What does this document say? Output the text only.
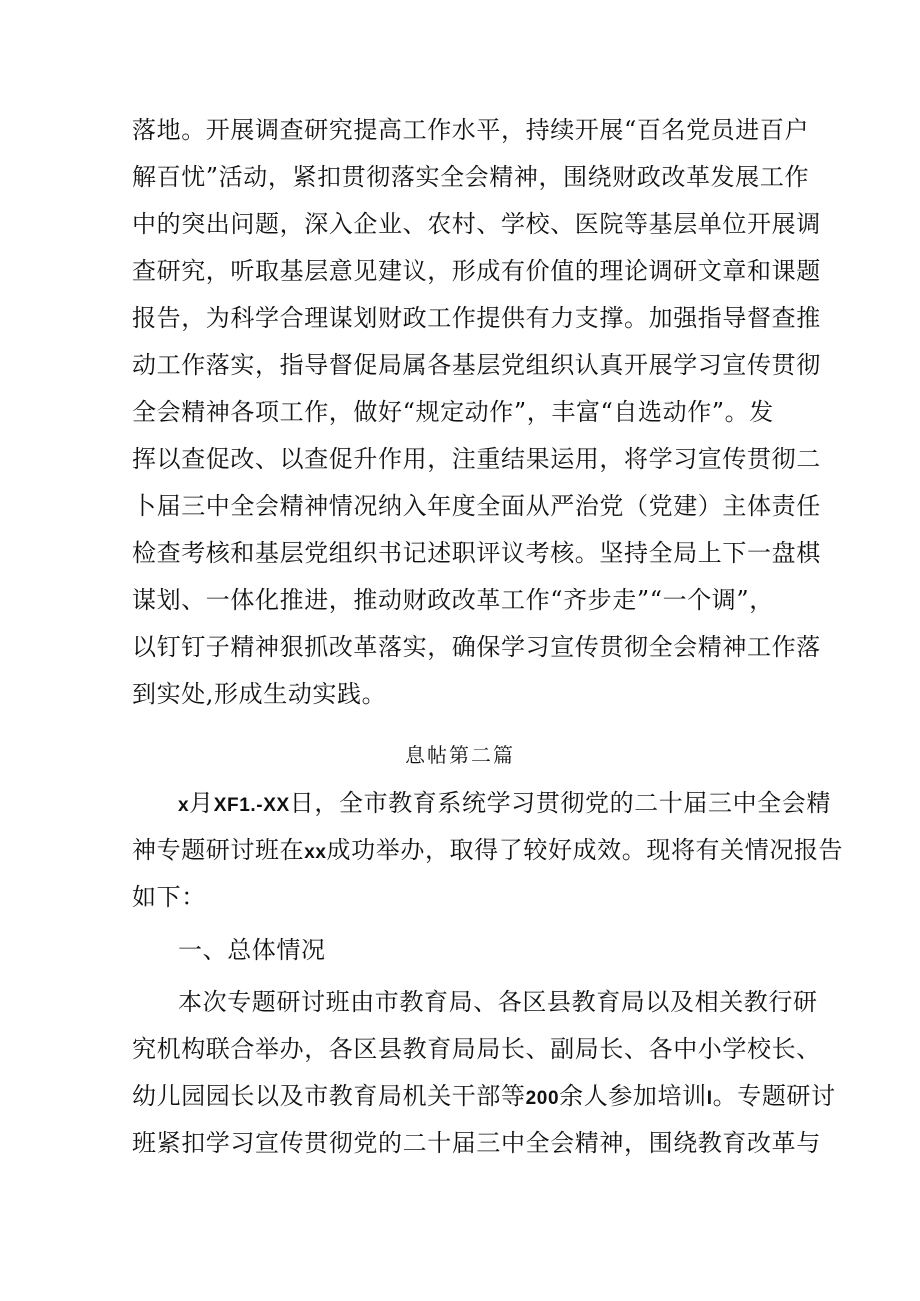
落地。开展调查研究提高工作水平，持续开展“百名党员进百户
解百忧”活动，紧扣贯彻落实全会精神，围绕财政改革发展工作
中的突出问题，深入企业、农村、学校、医院等基层单位开展调
查研究，听取基层意见建议，形成有价值的理论调研文章和课题
报告，为科学合理谋划财政工作提供有力支撑。加强指导督查推
动工作落实，指导督促局属各基层党组织认真开展学习宣传贯彻
全会精神各项工作，做好“规定动作”，丰富“自选动作”。发
挥以查促改、以查促升作用，注重结果运用，将学习宣传贯彻二
卜届三中全会精神情况纳入年度全面从严治党（党建）主体责任
检查考核和基层党组织书记述职评议考核。坚持全局上下一盘棋
谋划、一体化推进，推动财政改革工作“齐步走”“一个调”，
以钉钉子精神狠抓改革落实，确保学习宣传贯彻全会精神工作落
到实处,形成生动实践。
息帖第二篇
x月XF1.-XX日，全市教育系统学习贯彻党的二十届三中全会精
神专题研讨班在xx成功举办，取得了较好成效。现将有关情况报告
如下：
一、总体情况
本次专题研讨班由市教育局、各区县教育局以及相关教行研
究机构联合举办，各区县教育局局长、副局长、各中小学校长、
幼儿园园长以及市教育局机关干部等200余人参加培训I。专题研讨
班紧扣学习宣传贯彻党的二十届三中全会精神，围绕教育改革与
